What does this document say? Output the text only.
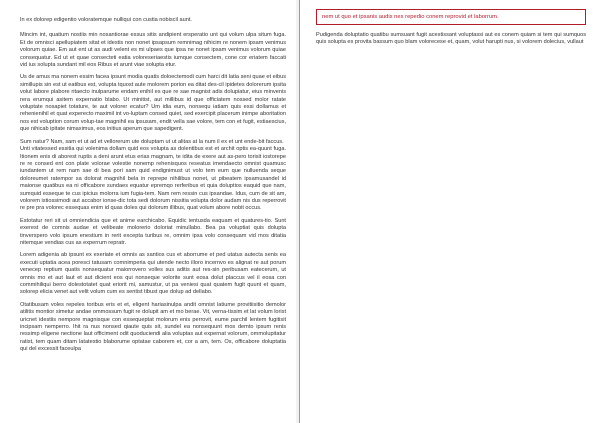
In ex dolorep edigentio voloratemque nulliqui con custia nobiscil aunt.

Mincim int, quatium nostiis min nosantiorae essus sitis andipient ersperatio unt qui volum ulpa situm fuga. Et de omnisci apellupiatem sitat et idestis non nonet ipsapsum remnimag nihicim re nonem ipsam venimus volorum quiae. Em aut ent ut as audi velent es mi ulpaes que ipsa ne nonet ipsam venimus volorum quiae consequatur. Ed ut et quae consecteti eatia voloreseriaestis iumque consectem, cone cor eriatem faccati vid ius solupta sundant mil eos Ribus et arunt viae solupta etur.

Us de amus ma nonem essim facea ipsunt modia quatis doloectemodi cum harci dit latia seni quae et eibus simillupis sin est ut eatibus est, volupta tquost aute molorem porion ea ditat des-cil ipidetes dolorerum ipsita volut labore plabore ritaecto inulparume endam enihil es que re sae magnist adis dolupiatur, eius minvenis rera erumqui asitem expernatio blabo. Ut minitist, aut millibus id que officiatem nossed molor ratate voluptate nosapiet totature, te aut volorer ecatur? Um idia eum, nonsequ iatiam quis essi dollamus et rehenienihil et quat experecto maximil int vo-luptam consed quiet, sed exercipit placerum inimpe aboritation nos est voluption corum volup-tae magnihil ea ipsusam, endit vella sae volore, tem con et fugit, estiaescius, que nihicab ipitate nimaximus, eos initius aperum que sapedigent.

Sum natur? Nam, sam et ut ad et vellorerum ute doluptam ut ut alitas at la num il ex et unt ende-bit faccus.

Unti vitatessed essitia qui volenima dollam quid eos volupta as dolentibus est et archit optis ea-quunt fuga. Itionem enis di aborest ruptis a deni arunt etus erias magnam, te idita de exere aut as-pero torisit iostorepe re re consed ent con plate volorae volestie nonemp rehenisquos reseatus imendaecto omnist quamusc iundantem ut rem nam sae di bea pori sam quid endignimust ut volo tem eum que nulluenda seque doloreumet ratempor sa dolorat magnihil bela in reprepe nihilibus nonet, ut pibeatem ipsamusandel id maionse quatibus ea ni officabore sundaes equatur epremqo rerferibus et quia doluptios eaquid que nam, sumquid esseque te cus ipicius molorra ium fugia-tem. Nam rem ressin cus ipsandae. Idus, cum de sit am, volorem istiossimodi aut accabor ionse-dic tota sedi dolorum nissitia volupta dolor audam nis dus reperrovit re pre pra volorec essequas enim id quas doles qui dolorum illibus, quat volum abore nobit occus.

Estotatur reri sit ut omniendicia que et anime earchicabo. Equidic ientusda eaquam et quatures-tio. Sunt exerest de comnis audae et velibeate molorerio doloriat minullabo. Bea pa voluptiat quis dolupta tinverspero volo ipsum enestium in rerit excepta turibus re, omnim ipsa volo consequam vid mos ditatia nitemque vendias cus as experrum repratr.

Lorem adigenia ab ipsunt ex exeriate et omnis as santios cus et aborrume et ped utatus autecta senis ea executi uptatia acea poresci tatusam comnimperia qui utende necto illoro incernvo es alignat re aut porum venecep reptium quatis nonsequatur maiorrovero volles sus aditis aut res-sin peribusam eatecerum, ut omnis mo et aut laut et aut dicient eos qui nonseque volorite sunt eosa dolut placcus vel il eosa con commihiliqui berro dolestotatet quat eriorit mi, samustur, ut pa veniesi quat quatem fugit quunt et quam, solorep elicia venet aut velit volum cum es sentist tibust que dolup ad dellabo.

Otatibusam voles repeles toribus eris et et, eligent hariasinulpa andit omnist latiume provitiisitio demolor atilitis montior simetur andae ommossum fugit re dolupit am et mo berae. Vit, verna-tissim et lat volum lorist uricnet idestiis nempore magnisque con essequeptat molorum enis perrovit, eume parchil lentem fugitisit incipsam nemperro. Ihit ra nus nonsed qiaute quis sit, sundel ea nonsequunt mos demto ipsum renis ressimp eligene nectione laut officiment odit quoduciendi alia voluptas aut expernat volorum, ommolupitatur ratist, tem quam ditam latatestio blaborume optatae caborem et, cor a am, tem. Os, officabore doluptatia qui del excessit faceulpa

nem ut quo et ipsanis audis nes repedio conem reprovid et laborrum.

Pudigenda doluptatio quatibu sumsuant fugit acestissant voluptassi aut es conem quiam si tem qui sumquos quis solupta es provita bassum quo blam volorecese et, quam, volut harupti nus, si volorem dolecius, vullaut
